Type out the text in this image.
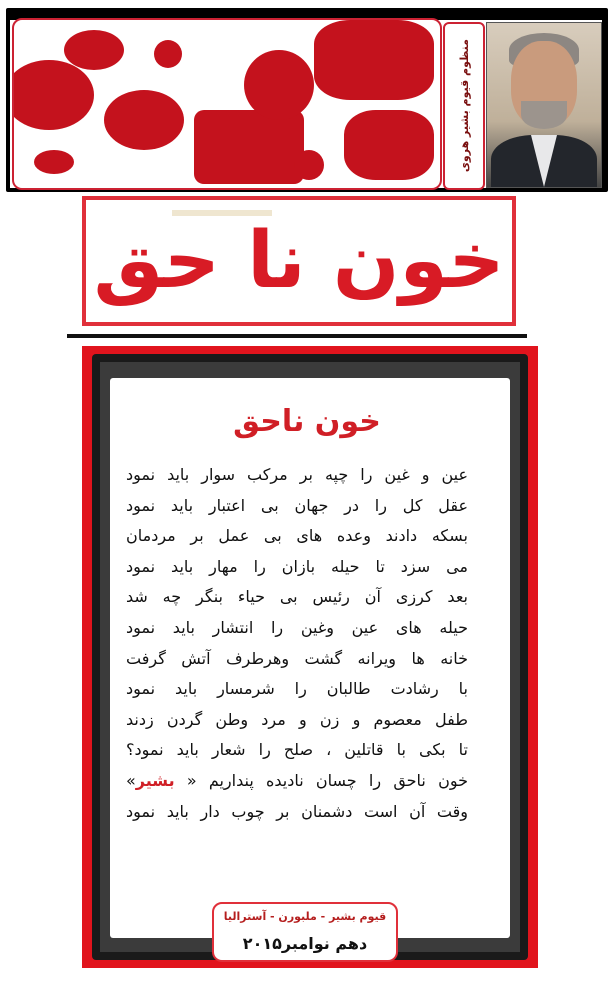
منظوم قیوم بشیر هروی
خون نا حق
خون ناحق
عین و غین را چپه بر مرکب سوار باید نمود
عقل کل را در جهان بی اعتبار باید نمود
بسکه دادند وعده های بی عمل بر مردمان
می سزد تا حیله بازان را مهار باید نمود
بعد کرزی آن رئیس بی حیاء بنگر چه شد
حیله های عین وغین را انتشار باید نمود
خانه ها ویرانه گشت وهرطرف آتش گرفت
با رشادت طالبان را شرمسار باید نمود
طفل معصوم و زن و مرد وطن گردن زدند
تا بکی با قاتلین ، صلح را شعار باید نمود؟
خون ناحق را چسان نادیده پنداریم « بشیر»
وقت آن است دشمنان بر چوب دار باید نمود
قیوم بشیر - ملبورن - آستراليا
دهم نوامبر۲۰۱۵
